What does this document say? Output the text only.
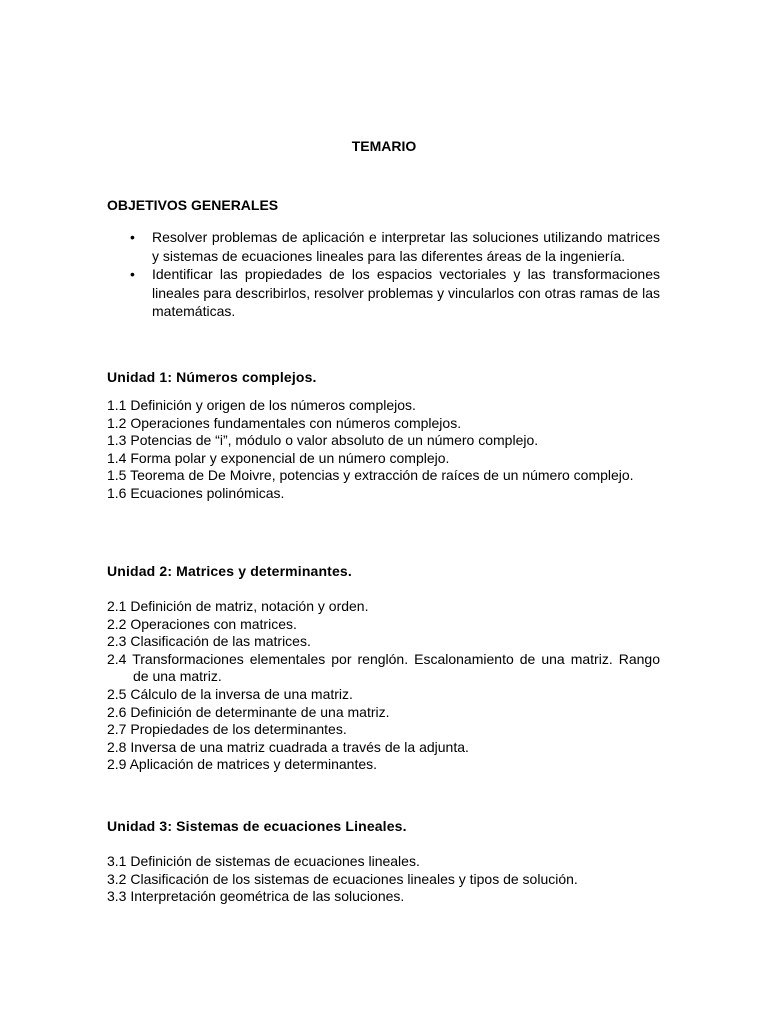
TEMARIO
OBJETIVOS GENERALES
• Resolver problemas de aplicación e interpretar las soluciones utilizando matrices y sistemas de ecuaciones lineales para las diferentes áreas de la ingeniería.
• Identificar las propiedades de los espacios vectoriales y las transformaciones lineales para describirlos, resolver problemas y vincularlos con otras ramas de las matemáticas.
Unidad 1: Números complejos.
1.1 Definición y origen de los números complejos.
1.2 Operaciones fundamentales con números complejos.
1.3 Potencias de “i”, módulo o valor absoluto de un número complejo.
1.4 Forma polar y exponencial de un número complejo.
1.5 Teorema de De Moivre, potencias y extracción de raíces de un número complejo.
1.6 Ecuaciones polinómicas.
Unidad 2: Matrices y determinantes.
2.1 Definición de matriz, notación y orden.
2.2 Operaciones con matrices.
2.3 Clasificación de las matrices.
2.4 Transformaciones elementales por renglón. Escalonamiento de una matriz. Rango de una matriz.
2.5 Cálculo de la inversa de una matriz.
2.6 Definición de determinante de una matriz.
2.7 Propiedades de los determinantes.
2.8 Inversa de una matriz cuadrada a través de la adjunta.
2.9 Aplicación de matrices y determinantes.
Unidad 3: Sistemas de ecuaciones Lineales.
3.1 Definición de sistemas de ecuaciones lineales.
3.2 Clasificación de los sistemas de ecuaciones lineales y tipos de solución.
3.3 Interpretación geométrica de las soluciones.
